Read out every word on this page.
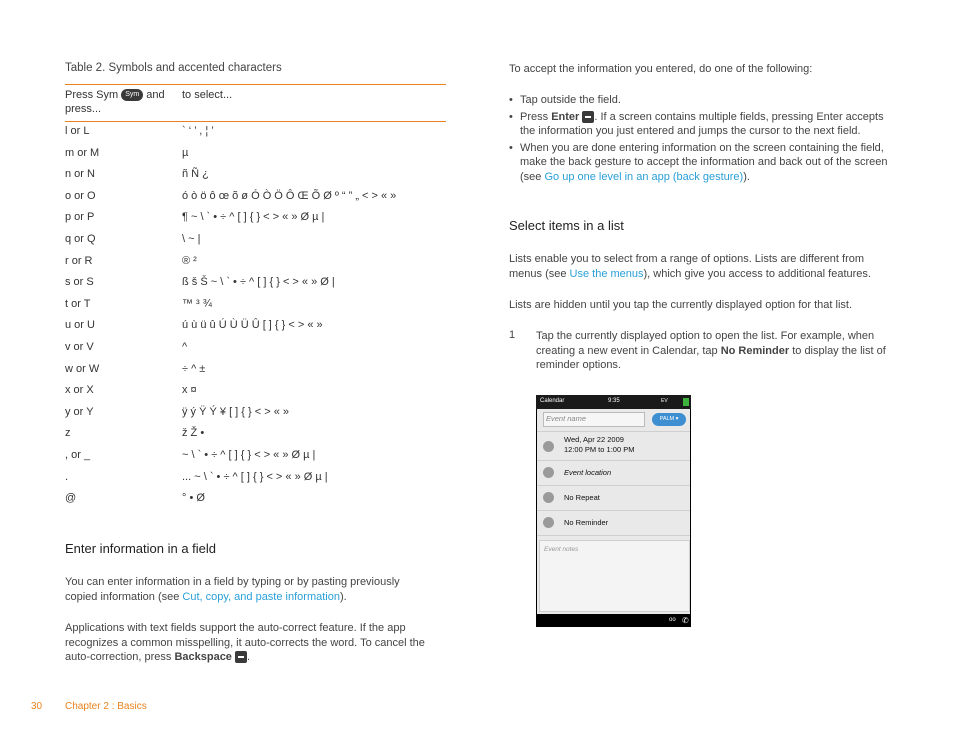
Table 2. Symbols and accented characters
Press Sym Sym and press...
to select...
l or L	` ‘ ’ , ¦ ‛
m or M	µ
n or N	ñ Ñ ¿
o or O	ó ò ö ô œ õ ø Ó Ò Ö Ô Œ Õ Ø º “ ” „ < > « »
p or P	¶ ~ \ ` • ÷ ^ [ ] { } < > « » Ø µ |
q or Q	\ ~ |
r or R	® ²
s or S	ß š Š ~ \ ` • ÷ ^ [ ] { } < > « » Ø |
t or T	™ ³ ¾
u or U	ú ù ü û Ú Ù Ü Û [ ] { } < > « »
v or V	^
w or W	÷ ^ ±
x or X	x ¤
y or Y	ÿ ý Ÿ Ý ¥ [ ] { } < > « »
z	ž Ž •
, or _	~ \ ` • ÷ ^ [ ] { } < > « » Ø µ |
.	... ~ \ ` • ÷ ^ [ ] { } < > « » Ø µ |
@	° • Ø
Enter information in a field
You can enter information in a field by typing or by pasting previously copied information (see Cut, copy, and paste information).
Applications with text fields support the auto-correct feature. If the app recognizes a common misspelling, it auto-corrects the word. To cancel the auto-correction, press Backspace .
30 Chapter 2 : Basics
To accept the information you entered, do one of the following:
• Tap outside the field.
• Press Enter . If a screen contains multiple fields, pressing Enter accepts the information you just entered and jumps the cursor to the next field.
• When you are done entering information on the screen containing the field, make the back gesture to accept the information and back out of the screen (see Go up one level in an app (back gesture)).
Select items in a list
Lists enable you to select from a range of options. Lists are different from menus (see Use the menus), which give you access to additional features.
Lists are hidden until you tap the currently displayed option for that list.
1 Tap the currently displayed option to open the list. For example, when creating a new event in Calendar, tap No Reminder to display the list of reminder options.
Calendar	9:35	EV
Event name	PALM ▾
Wed, Apr 22 2009
12:00 PM to 1:00 PM
Event location
No Repeat
No Reminder
Event notes
oo ✆
